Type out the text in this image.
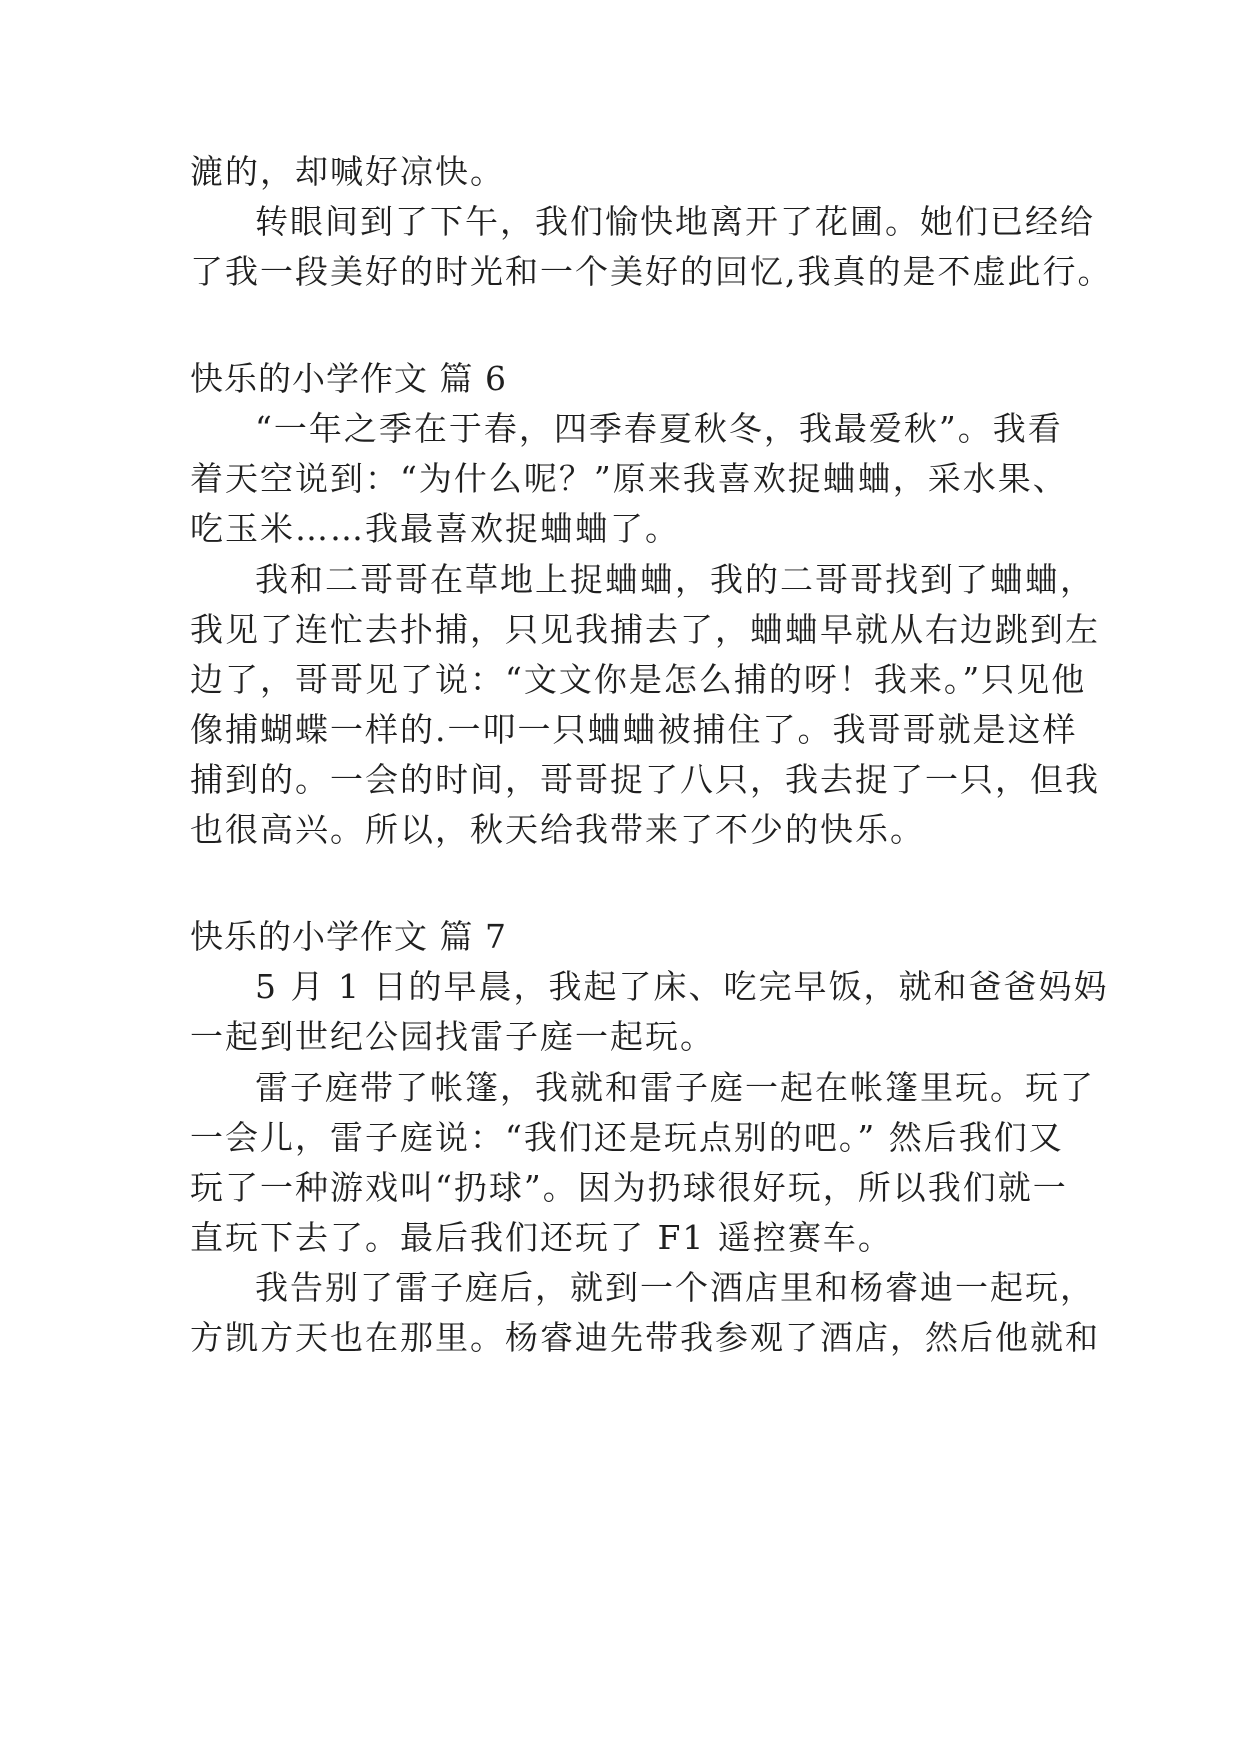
漉的，却喊好凉快。
转眼间到了下午，我们愉快地离开了花圃。她们已经给
了我一段美好的时光和一个美好的回忆,我真的是不虚此行。
快乐的小学作文 篇 6
“一年之季在于春，四季春夏秋冬，我最爱秋”。我看
着天空说到：“为什么呢？”原来我喜欢捉蛐蛐，采水果、
吃玉米……我最喜欢捉蛐蛐了。
我和二哥哥在草地上捉蛐蛐，我的二哥哥找到了蛐蛐，
我见了连忙去扑捕，只见我捕去了，蛐蛐早就从右边跳到左
边了，哥哥见了说：“文文你是怎么捕的呀！我来。”只见他
像捕蝴蝶一样的.一叩一只蛐蛐被捕住了。我哥哥就是这样
捕到的。一会的时间，哥哥捉了八只，我去捉了一只，但我
也很高兴。所以，秋天给我带来了不少的快乐。
快乐的小学作文 篇 7
5 月 1 日的早晨，我起了床、吃完早饭，就和爸爸妈妈
一起到世纪公园找雷子庭一起玩。
雷子庭带了帐篷，我就和雷子庭一起在帐篷里玩。玩了
一会儿，雷子庭说：“我们还是玩点别的吧。” 然后我们又
玩了一种游戏叫“扔球”。因为扔球很好玩，所以我们就一
直玩下去了。最后我们还玩了 F1 遥控赛车。
我告别了雷子庭后，就到一个酒店里和杨睿迪一起玩，
方凯方天也在那里。杨睿迪先带我参观了酒店，然后他就和
